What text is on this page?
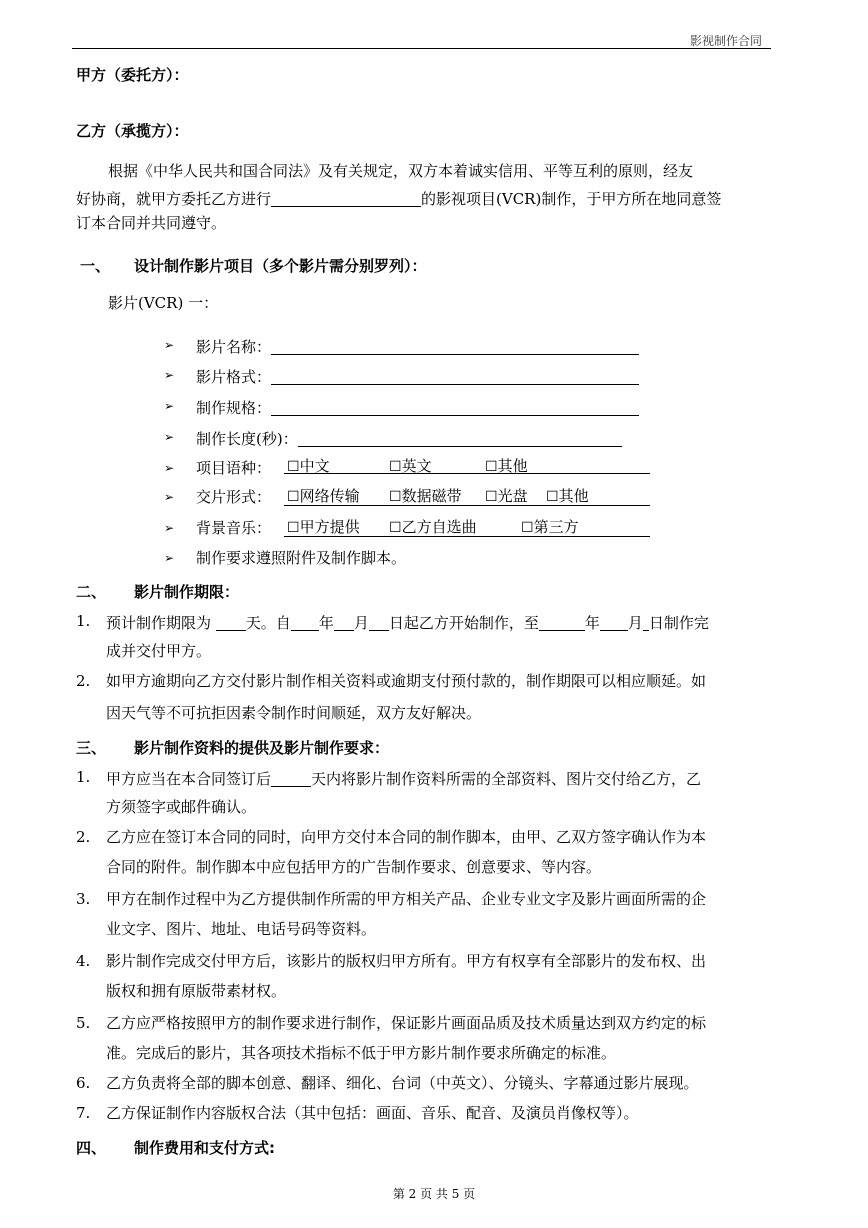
影视制作合同
甲方（委托方）：
乙方（承揽方）：
根据《中华人民共和国合同法》及有关规定，双方本着诚实信用、平等互利的原则，经友
好协商，就甲方委托乙方进行	的影视项目(VCR)制作，于甲方所在地同意签
订本合同并共同遵守。
一、 设计制作影片项目（多个影片需分别罗列）：
影片(VCR) 一：
➢ 影片名称：
➢ 影片格式：
➢ 制作规格：
➢ 制作长度(秒)：
➢ 项目语种： ☐中文	☐英文	☐其他
➢ 交片形式： ☐网络传输 ☐数据磁带 ☐光盘 ☐其他
➢ 背景音乐： ☐甲方提供 ☐乙方自选曲	☐第三方
➢ 制作要求遵照附件及制作脚本。
二、 影片制作期限：
1. 预计制作期限为 天。自 年 月 日起乙方开始制作，至	年 月 日制作完
成并交付甲方。
2. 如甲方逾期向乙方交付影片制作相关资料或逾期支付预付款的，制作期限可以相应顺延。如
因天气等不可抗拒因素令制作时间顺延，双方友好解决。
三、 影片制作资料的提供及影片制作要求：
1. 甲方应当在本合同签订后	天内将影片制作资料所需的全部资料、图片交付给乙方，乙
方须签字或邮件确认。
2. 乙方应在签订本合同的同时，向甲方交付本合同的制作脚本，由甲、乙双方签字确认作为本
合同的附件。制作脚本中应包括甲方的广告制作要求、创意要求、等内容。
3. 甲方在制作过程中为乙方提供制作所需的甲方相关产品、企业专业文字及影片画面所需的企
业文字、图片、地址、电话号码等资料。
4. 影片制作完成交付甲方后，该影片的版权归甲方所有。甲方有权享有全部影片的发布权、出
版权和拥有原版带素材权。
5. 乙方应严格按照甲方的制作要求进行制作，保证影片画面品质及技术质量达到双方约定的标
准。完成后的影片，其各项技术指标不低于甲方影片制作要求所确定的标准。
6. 乙方负责将全部的脚本创意、翻译、细化、台词（中英文）、分镜头、字幕通过影片展现。
7. 乙方保证制作内容版权合法（其中包括：画面、音乐、配音、及演员肖像权等）。
四、 制作费用和支付方式:
第 2 页 共 5 页
